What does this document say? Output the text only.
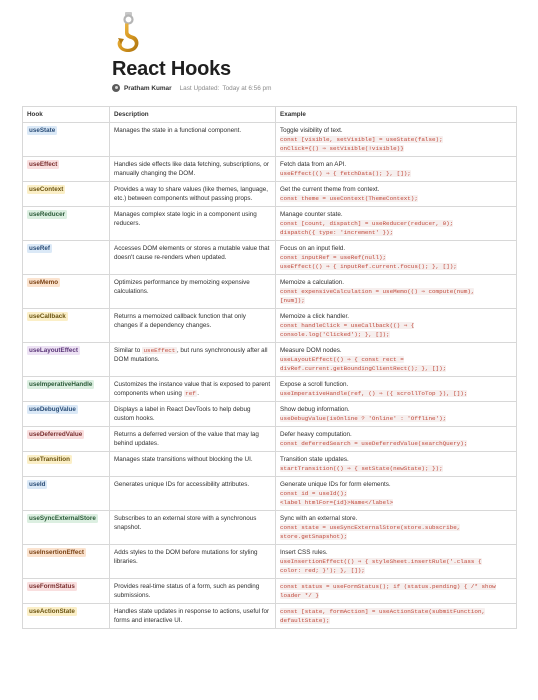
React Hooks
Pratham Kumar Last Updated: Today at 6:56 pm
Hook	Description	Example
useState	Manages the state in a functional component.	Toggle visibility of text.
const [visible, setVisible] = useState(false);
onClick={() ⇒ setVisible(!visible)}

useEffect	Handles side effects like data fetching, subscriptions, or manually changing the DOM.	Fetch data from an API.
useEffect(() ⇒ { fetchData(); }, []);

useContext	Provides a way to share values (like themes, language, etc.) between components without passing props.	Get the current theme from context.
const theme = useContext(ThemeContext);

useReducer	Manages complex state logic in a component using reducers.	Manage counter state.
const [count, dispatch] = useReducer(reducer, 0);
dispatch({ type: 'increment' });

useRef	Accesses DOM elements or stores a mutable value that doesn't cause re-renders when updated.	Focus on an input field.
const inputRef = useRef(null);
useEffect(() ⇒ { inputRef.current.focus(); }, []);

useMemo	Optimizes performance by memoizing expensive calculations.	Memoize a calculation.
const expensiveCalculation = useMemo(() ⇒ compute(num),
[num]);

useCallback	Returns a memoized callback function that only changes if a dependency changes.	Memoize a click handler.
const handleClick = useCallback(() ⇒ {
console.log('Clicked'); }, []);

useLayoutEffect	Similar to useEffect , but runs synchronously after all DOM mutations.	Measure DOM nodes.
useLayoutEffect(() ⇒ { const rect =
divRef.current.getBoundingClientRect(); }, []);

useImperativeHandle	Customizes the instance value that is exposed to parent components when using ref .	Expose a scroll function.
useImperativeHandle(ref, () ⇒ ({ scrollToTop }), []);

useDebugValue	Displays a label in React DevTools to help debug custom hooks.	Show debug information.
useDebugValue(isOnline ? 'Online' : 'Offline');

useDeferredValue	Returns a deferred version of the value that may lag behind updates.	Defer heavy computation.
const deferredSearch = useDeferredValue(searchQuery);

useTransition	Manages state transitions without blocking the UI.	Transition state updates.
startTransition(() ⇒ { setState(newState); });

useId	Generates unique IDs for accessibility attributes.	Generate unique IDs for form elements.
const id = useId();
<label htmlFor={id}>Name</label>

useSyncExternalStore	Subscribes to an external store with a synchronous snapshot.	Sync with an external store.
const state = useSyncExternalStore(store.subscribe,
store.getSnapshot);

useInsertionEffect	Adds styles to the DOM before mutations for styling libraries.	Insert CSS rules.
useInsertionEffect(() ⇒ { styleSheet.insertRule('.class {
color: red; }'); }, []);

useFormStatus	Provides real-time status of a form, such as pending submissions.	const status = useFormStatus(); if (status.pending) { /* show
loader */ }

useActionState	Handles state updates in response to actions, useful for forms and interactive UI.	const [state, formAction] = useActionState(submitFunction,
defaultState);
